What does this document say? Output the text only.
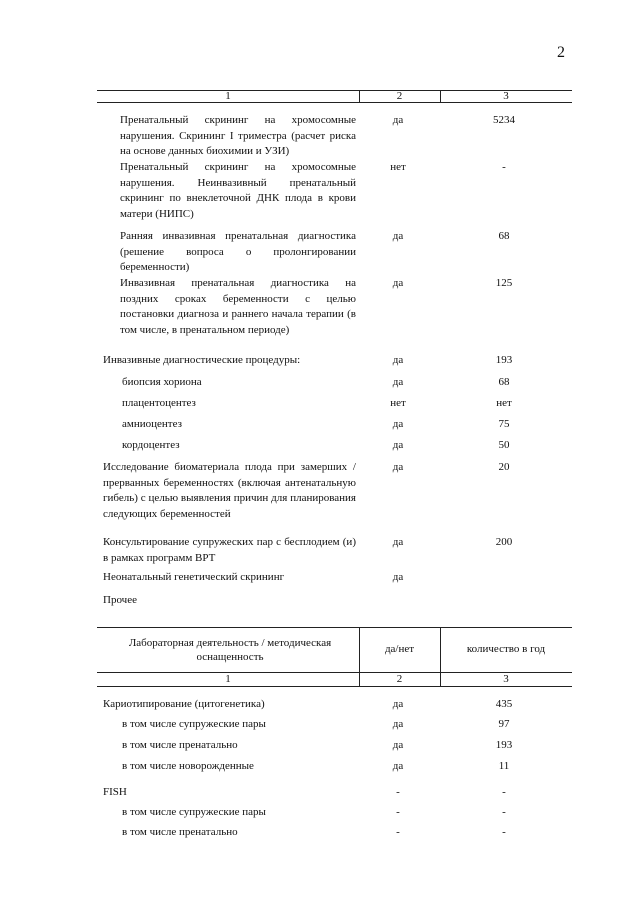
2
1	2	3
Пренатальный скрининг на хромосомные нарушения. Скрининг I триместра (расчет риска на основе данных биохимии и УЗИ)
да	5234
Пренатальный скрининг на хромосомные нарушения. Неинвазивный пренатальный скрининг по внеклеточной ДНК плода в крови матери (НИПС)
нет	-
Ранняя инвазивная пренатальная диагностика (решение вопроса о пролонгировании беременности)
да	68
Инвазивная пренатальная диагностика на поздних сроках беременности с целью постановки диагноза и раннего начала терапии (в том числе, в пренатальном периоде)
да	125
Инвазивные диагностические процедуры:	да	193
биопсия хориона	да	68
плацентоцентез	нет	нет
амниоцентез	да	75
кордоцентез	да	50
Исследование биоматериала плода при замерших / прерванных беременностях (включая антенатальную гибель) с целью выявления причин для планирования следующих беременностей
да	20
Консультирование супружеских пар с бесплодием (и) в рамках программ ВРТ
да	200
Неонатальный генетический скрининг	да
Прочее
Лабораторная деятельность / методическая оснащенность
да/нет	количество в год
1	2	3
Кариотипирование (цитогенетика)	да	435
в том числе супружеские пары	да	97
в том числе пренатально	да	193
в том числе новорожденные	да	11
FISH	-	-
в том числе супружеские пары	-	-
в том числе пренатально	-	-
